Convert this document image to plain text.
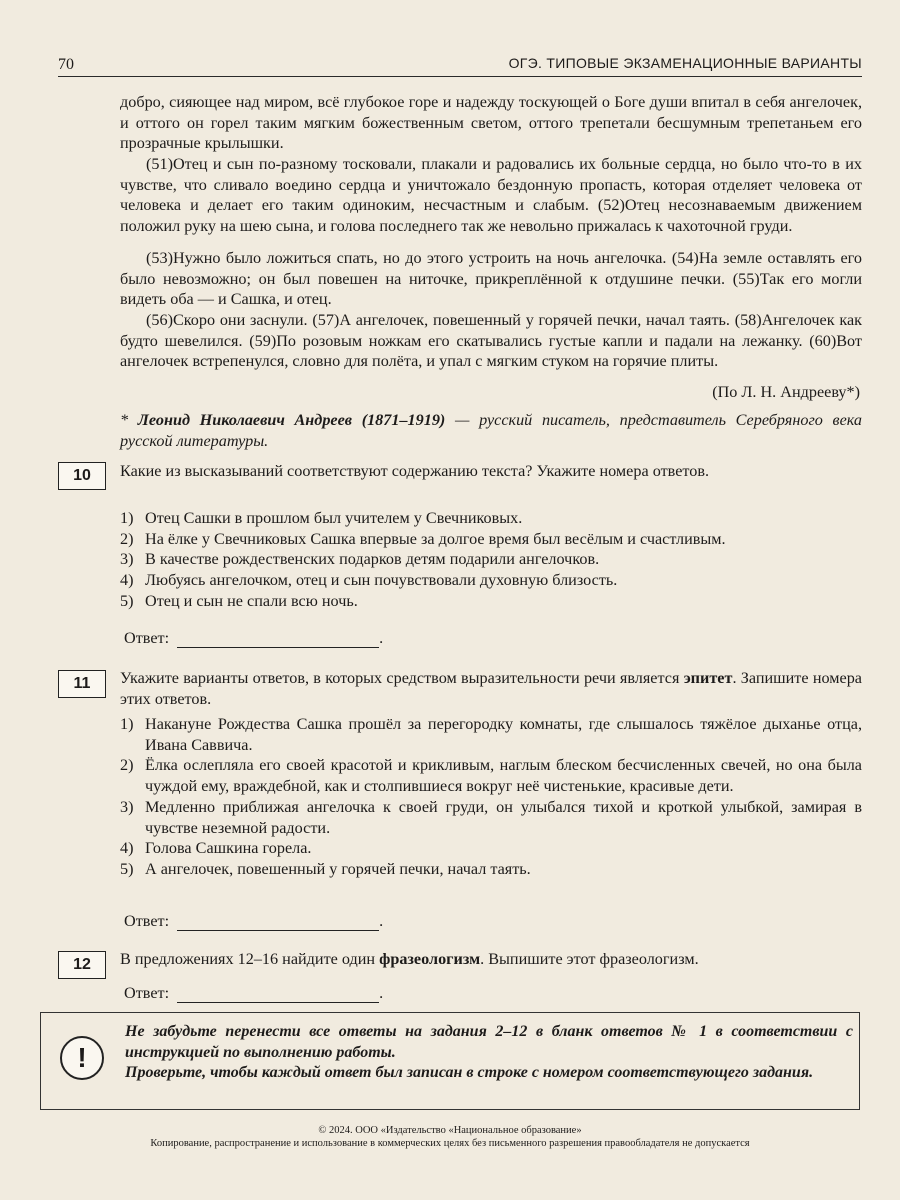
70	ОГЭ. ТИПОВЫЕ ЭКЗАМЕНАЦИОННЫЕ ВАРИАНТЫ

добро, сияющее над миром, всё глубокое горе и надежду тоскующей о Боге души впитал в себя ангелочек, и оттого он горел таким мягким божественным светом, оттого трепетали бесшумным трепетаньем его прозрачные крылышки.

(51)Отец и сын по-разному тосковали, плакали и радовались их больные сердца, но было что-то в их чувстве, что сливало воедино сердца и уничтожало бездонную пропасть, которая отделяет человека от человека и делает его таким одиноким, несчастным и слабым. (52)Отец несознаваемым движением положил руку на шею сына, и голова последнего так же невольно прижалась к чахоточной груди.

(53)Нужно было ложиться спать, но до этого устроить на ночь ангелочка. (54)На земле оставлять его было невозможно; он был повешен на ниточке, прикреплённой к отдушине печки. (55)Так его могли видеть оба — и Сашка, и отец.

(56)Скоро они заснули. (57)А ангелочек, повешенный у горячей печки, начал таять. (58)Ангелочек как будто шевелился. (59)По розовым ножкам его скатывались густые капли и падали на лежанку. (60)Вот ангелочек встрепенулся, словно для полёта, и упал с мягким стуком на горячие плиты.

(По Л. Н. Андрееву*)
* Леонид Николаевич Андреев (1871–1919) — русский писатель, представитель Серебряного века русской литературы.
10	Какие из высказываний соответствуют содержанию текста? Укажите номера ответов.
1) Отец Сашки в прошлом был учителем у Свечниковых.
2) На ёлке у Свечниковых Сашка впервые за долгое время был весёлым и счастливым.
3) В качестве рождественских подарков детям подарили ангелочков.
4) Любуясь ангелочком, отец и сын почувствовали духовную близость.
5) Отец и сын не спали всю ночь.
Ответ:	.
11	Укажите варианты ответов, в которых средством выразительности речи является эпитет. Запишите номера этих ответов.
1) Накануне Рождества Сашка прошёл за перегородку комнаты, где слышалось тяжёлое дыханье отца, Ивана Саввича.
2) Ёлка ослепляла его своей красотой и крикливым, наглым блеском бесчисленных свечей, но она была чуждой ему, враждебной, как и столпившиеся вокруг неё чистенькие, красивые дети.
3) Медленно приближая ангелочка к своей груди, он улыбался тихой и кроткой улыбкой, замирая в чувстве неземной радости.
4) Голова Сашкина горела.
5) А ангелочек, повешенный у горячей печки, начал таять.
Ответ:	.
12	В предложениях 12–16 найдите один фразеологизм. Выпишите этот фразеологизм.
Ответ:	.
!
Не забудьте перенести все ответы на задания 2–12 в бланк ответов № 1 в соответствии с инструкцией по выполнению работы.
Проверьте, чтобы каждый ответ был записан в строке с номером соответствующего задания.
© 2024. ООО «Издательство «Национальное образование»
Копирование, распространение и использование в коммерческих целях без письменного разрешения правообладателя не допускается
